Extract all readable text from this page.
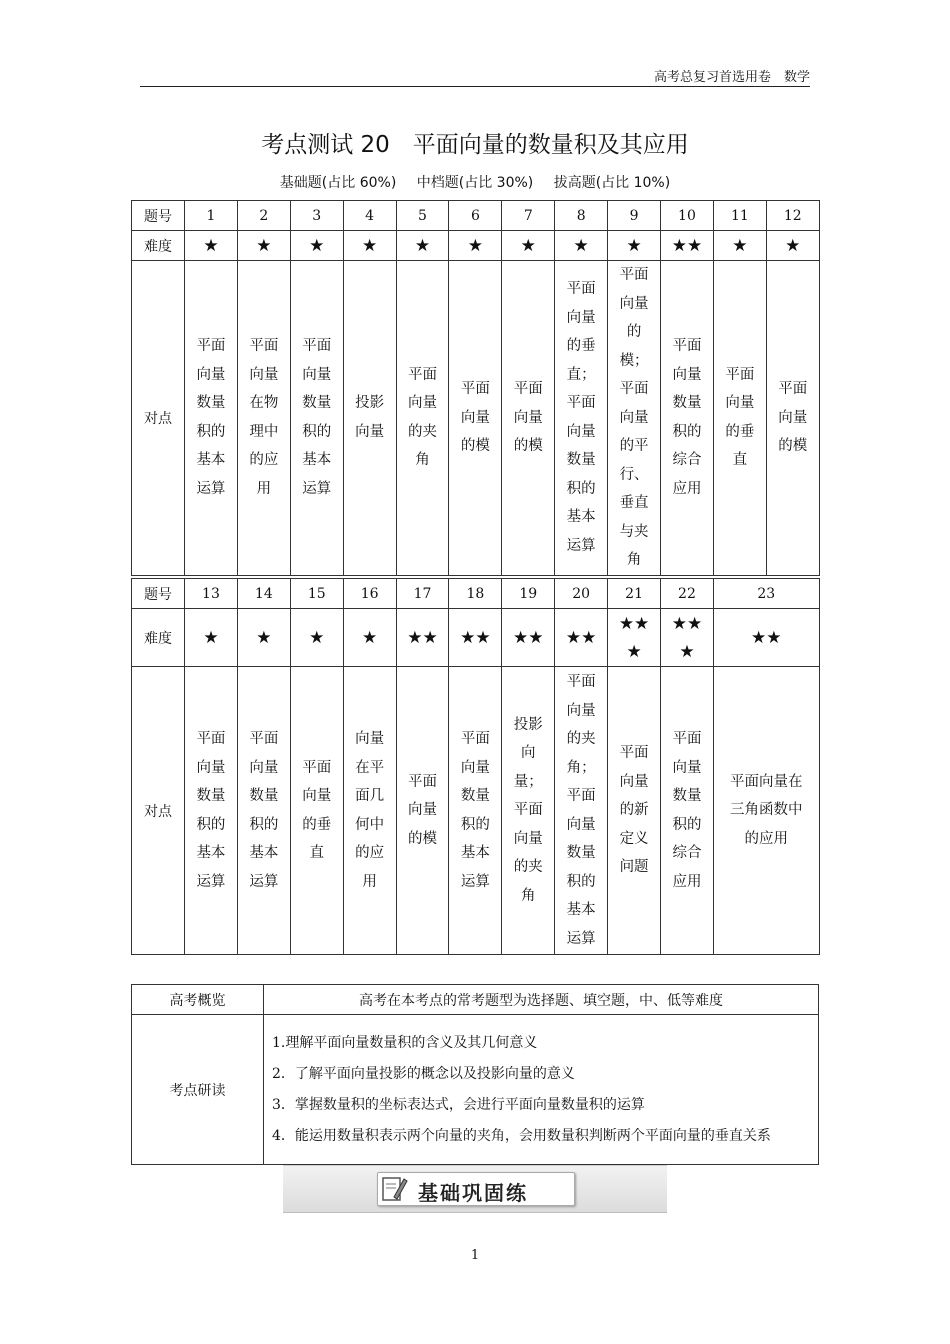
高考总复习首选用卷　数学
考点测试 20　平面向量的数量积及其应用
基础题(占比 60%) 中档题(占比 30%) 拔高题(占比 10%)
题号	1	2	3	4	5	6	7	8	9	10	11	12
难度	★	★	★	★	★	★	★	★	★	★★	★	★
对点	平面向量数量积的基本运算	平面向量在物理中的应用	平面向量数量积的基本运算	投影向量	平面向量的夹角	平面向量的模	平面向量的模	平面向量的垂直；平面向量数量积的基本运算	平面向量的模；平面向量的平行、垂直与夹角	平面向量数量积的综合应用	平面向量的垂直	平面向量的模
题号	13	14	15	16	17	18	19	20	21	22	23
难度	★	★	★	★	★★	★★	★★	★★	★★★	★★★	★★
对点	平面向量数量积的基本运算	平面向量数量积的基本运算	平面向量的垂直	向量在平面几何中的应用	平面向量的模	平面向量数量积的基本运算	投影向量；平面向量的夹角	平面向量的夹角；平面向量数量积的基本运算	平面向量的新定义问题	平面向量数量积的综合应用	平面向量在三角函数中的应用
高考概览	高考在本考点的常考题型为选择题、填空题，中、低等难度
考点研读	1.理解平面向量数量积的含义及其几何意义
2．了解平面向量投影的概念以及投影向量的意义
3．掌握数量积的坐标表达式，会进行平面向量数量积的运算
4．能运用数量积表示两个向量的夹角，会用数量积判断两个平面向量的垂直关系
基础巩固练
1
